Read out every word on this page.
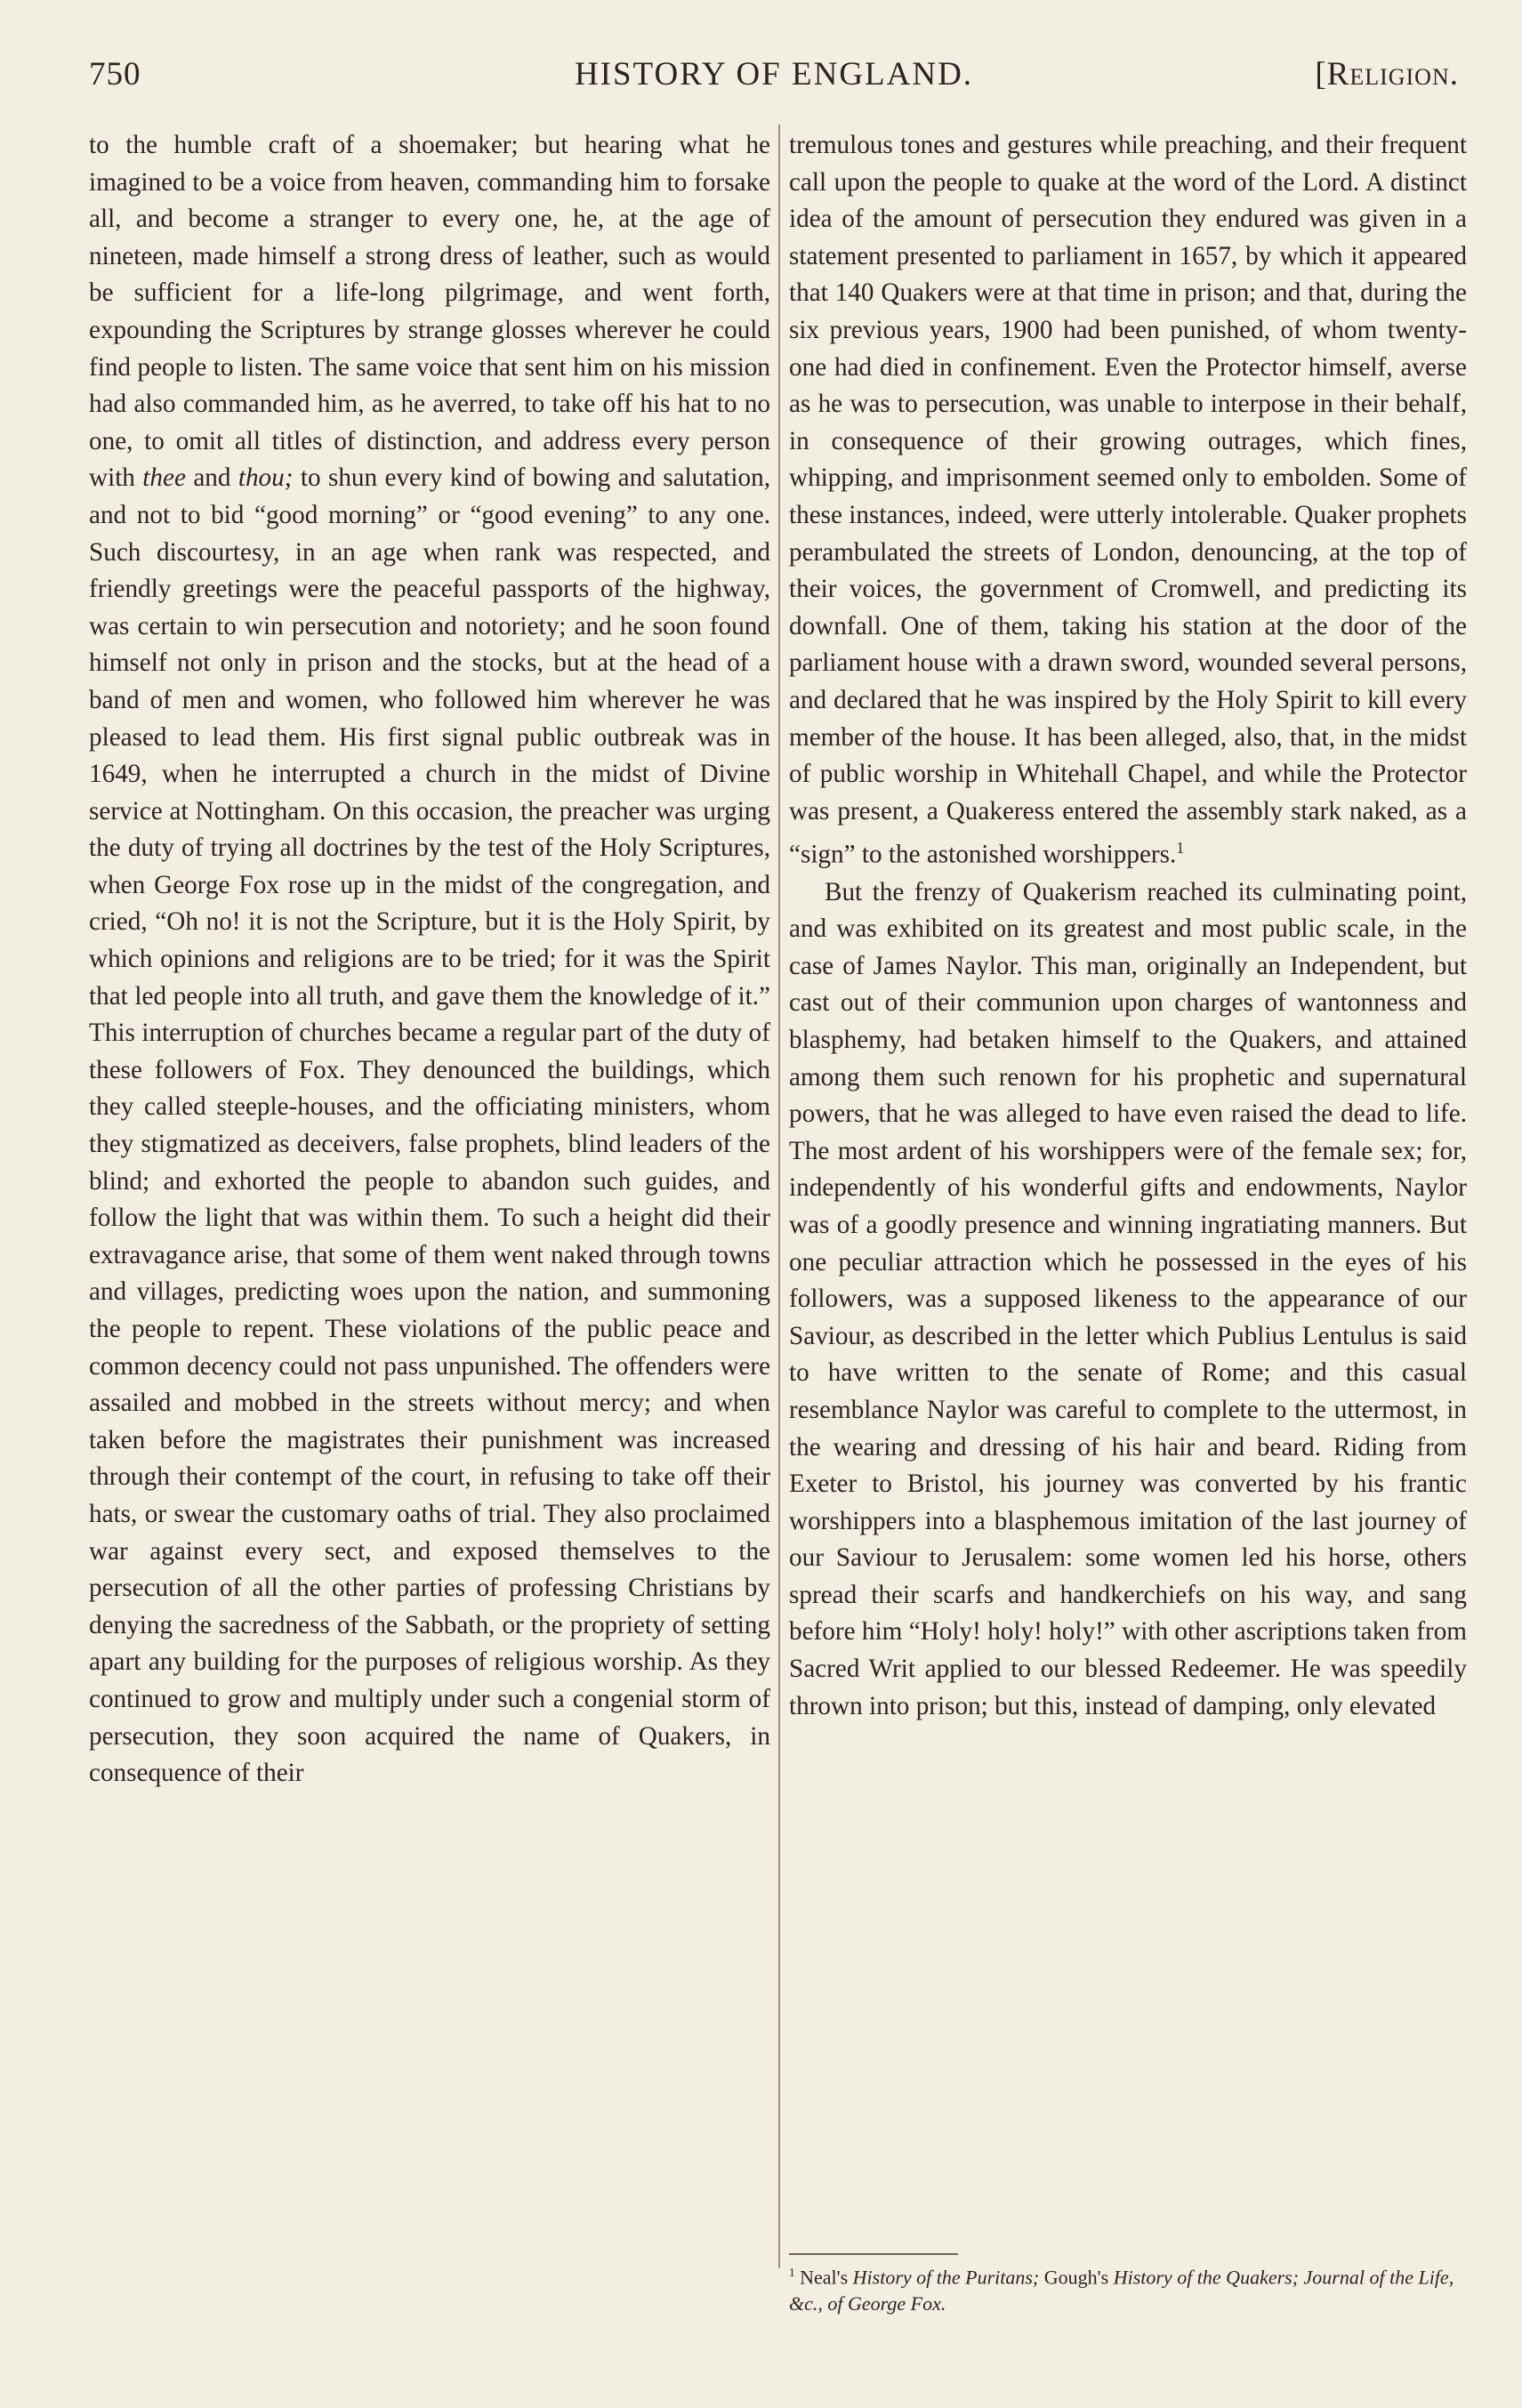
750	HISTORY OF ENGLAND.	[Religion.

to the humble craft of a shoemaker; but hearing what he imagined to be a voice from heaven, commanding him to forsake all, and become a stranger to every one, he, at the age of nineteen, made himself a strong dress of leather, such as would be sufficient for a life-long pilgrimage, and went forth, expounding the Scriptures by strange glosses wherever he could find people to listen. The same voice that sent him on his mission had also commanded him, as he averred, to take off his hat to no one, to omit all titles of distinction, and address every person with thee and thou; to shun every kind of bowing and salutation, and not to bid “good morning” or “good evening” to any one. Such discourtesy, in an age when rank was respected, and friendly greetings were the peaceful passports of the highway, was certain to win persecution and notoriety; and he soon found himself not only in prison and the stocks, but at the head of a band of men and women, who followed him wherever he was pleased to lead them. His first signal public outbreak was in 1649, when he interrupted a church in the midst of Divine service at Nottingham. On this occasion, the preacher was urging the duty of trying all doctrines by the test of the Holy Scriptures, when George Fox rose up in the midst of the congregation, and cried, “Oh no! it is not the Scripture, but it is the Holy Spirit, by which opinions and religions are to be tried; for it was the Spirit that led people into all truth, and gave them the knowledge of it.” This interruption of churches became a regular part of the duty of these followers of Fox. They denounced the buildings, which they called steeple-houses, and the officiating ministers, whom they stigmatized as deceivers, false prophets, blind leaders of the blind; and exhorted the people to abandon such guides, and follow the light that was within them. To such a height did their extravagance arise, that some of them went naked through towns and villages, predicting woes upon the nation, and summoning the people to repent. These violations of the public peace and common decency could not pass unpunished. The offenders were assailed and mobbed in the streets without mercy; and when taken before the magistrates their punishment was increased through their contempt of the court, in refusing to take off their hats, or swear the customary oaths of trial. They also proclaimed war against every sect, and exposed themselves to the persecution of all the other parties of professing Christians by denying the sacredness of the Sabbath, or the propriety of setting apart any building for the purposes of religious worship. As they continued to grow and multiply under such a congenial storm of persecution, they soon acquired the name of Quakers, in consequence of their

tremulous tones and gestures while preaching, and their frequent call upon the people to quake at the word of the Lord. A distinct idea of the amount of persecution they endured was given in a statement presented to parliament in 1657, by which it appeared that 140 Quakers were at that time in prison; and that, during the six previous years, 1900 had been punished, of whom twenty-one had died in confinement. Even the Protector himself, averse as he was to persecution, was unable to interpose in their behalf, in consequence of their growing outrages, which fines, whipping, and imprisonment seemed only to embolden. Some of these instances, indeed, were utterly intolerable. Quaker prophets perambulated the streets of London, denouncing, at the top of their voices, the government of Cromwell, and predicting its downfall. One of them, taking his station at the door of the parliament house with a drawn sword, wounded several persons, and declared that he was inspired by the Holy Spirit to kill every member of the house. It has been alleged, also, that, in the midst of public worship in Whitehall Chapel, and while the Protector was present, a Quakeress entered the assembly stark naked, as a “sign” to the astonished worshippers.$^1$

But the frenzy of Quakerism reached its culminating point, and was exhibited on its greatest and most public scale, in the case of James Naylor. This man, originally an Independent, but cast out of their communion upon charges of wantonness and blasphemy, had betaken himself to the Quakers, and attained among them such renown for his prophetic and supernatural powers, that he was alleged to have even raised the dead to life. The most ardent of his worshippers were of the female sex; for, independently of his wonderful gifts and endowments, Naylor was of a goodly presence and winning ingratiating manners. But one peculiar attraction which he possessed in the eyes of his followers, was a supposed likeness to the appearance of our Saviour, as described in the letter which Publius Lentulus is said to have written to the senate of Rome; and this casual resemblance Naylor was careful to complete to the uttermost, in the wearing and dressing of his hair and beard. Riding from Exeter to Bristol, his journey was converted by his frantic worshippers into a blasphemous imitation of the last journey of our Saviour to Jerusalem: some women led his horse, others spread their scarfs and handkerchiefs on his way, and sang before him “Holy! holy! holy!” with other ascriptions taken from Sacred Writ applied to our blessed Redeemer. He was speedily thrown into prison; but this, instead of damping, only elevated

$^1$ Neal's History of the Puritans; Gough's History of the Quakers; Journal of the Life, &c., of George Fox.
